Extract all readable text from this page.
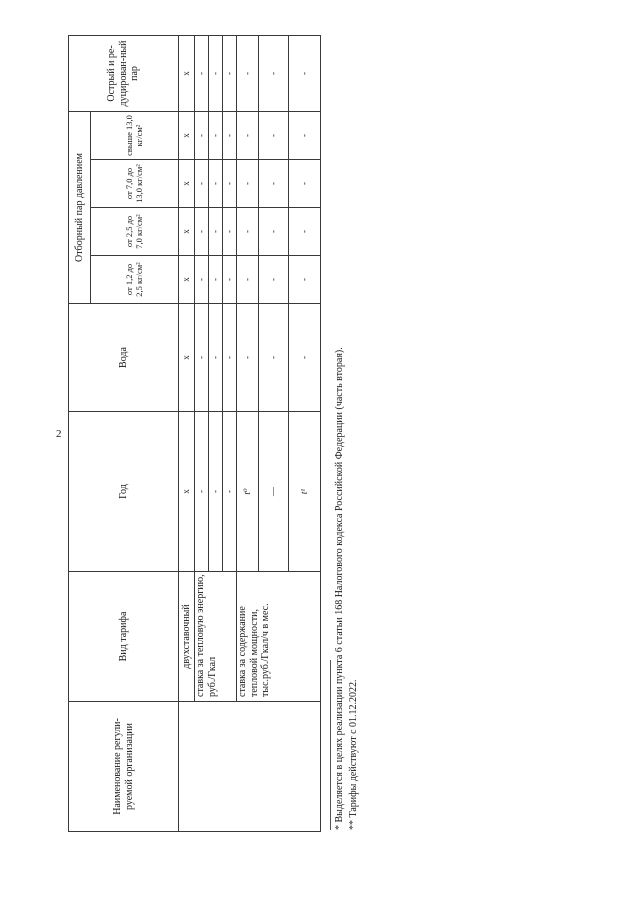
2
Наименование регули-руемой организации	Вид тарифа	Год	Вода	Отборный пар давлением				Острый и ре-дуцирован-ный пар
				от 1,2 до 2,5 кг/см²	от 2,5 до 7,0 кг/см²	от 7,0 до 13,0 кг/см²	свыше 13,0 кг/см²	
	двухставочный	x	x	x	x	x	x	x
	ставка за тепловую энергию, руб./Гкал	-	-	-	-	-	-	-
		-	-	-	-	-	-	-
		-	-	-	-	-	-	-
	ставка за содержание тепловой мощности, тыс.руб./Гкал/ч в мес.	t⁰	-	-	-	-	-	-
		—	-	-	-	-	-	-
		t¹	-	-	-	-	-	-
* Выделяется в целях реализации пункта 6 статьи 168 Налогового кодекса Российской Федерации (часть вторая). ** Тарифы действуют с 01.12.2022.
